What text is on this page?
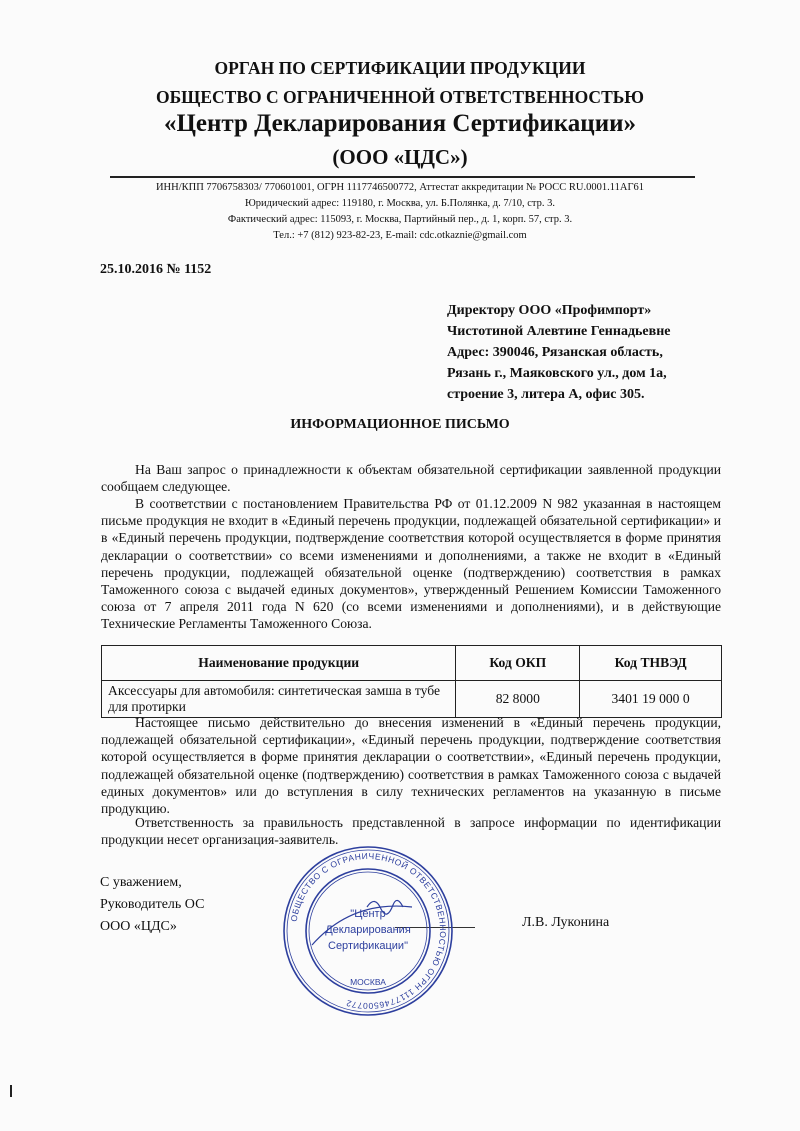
ОРГАН ПО СЕРТИФИКАЦИИ ПРОДУКЦИИ
ОБЩЕСТВО С ОГРАНИЧЕННОЙ ОТВЕТСТВЕННОСТЬЮ
«Центр Декларирования Сертификации»
(ООО «ЦДС»)
ИНН/КПП 7706758303/ 770601001, ОГРН 1117746500772, Аттестат аккредитации № РОСС RU.0001.11АГ61
Юридический адрес: 119180, г. Москва, ул. Б.Полянка, д. 7/10, стр. 3.
Фактический адрес: 115093, г. Москва, Партийный пер., д. 1, корп. 57, стр. 3.
Тел.: +7 (812) 923-82-23, E-mail: cdc.otkaznie@gmail.com
25.10.2016 № 1152
Директору ООО «Профимпорт»
Чистотиной Алевтине Геннадьевне
Адрес: 390046, Рязанская область,
Рязань г., Маяковского ул., дом 1а,
строение 3, литера А, офис 305.
ИНФОРМАЦИОННОЕ ПИСЬМО
На Ваш запрос о принадлежности к объектам обязательной сертификации заявленной продукции сообщаем следующее.
В соответствии с постановлением Правительства РФ от 01.12.2009 N 982 указанная в настоящем письме продукция не входит в «Единый перечень продукции, подлежащей обязательной сертификации» и в «Единый перечень продукции, подтверждение соответствия которой осуществляется в форме принятия декларации о соответствии» со всеми изменениями и дополнениями, а также не входит в «Единый перечень продукции, подлежащей обязательной оценке (подтверждению) соответствия в рамках Таможенного союза с выдачей единых документов», утвержденный Решением Комиссии Таможенного союза от 7 апреля 2011 года N 620 (со всеми изменениями и дополнениями), и в действующие Технические Регламенты Таможенного Союза.
Наименование продукции	Код ОКП	Код ТНВЭД
Аксессуары для автомобиля: синтетическая замша в тубе для протирки	82 8000	3401 19 000 0
Настоящее письмо действительно до внесения изменений в «Единый перечень продукции, подлежащей обязательной сертификации», «Единый перечень продукции, подтверждение соответствия которой осуществляется в форме принятия декларации о соответствии», «Единый перечень продукции, подлежащей обязательной оценке (подтверждению) соответствия в рамках Таможенного союза с выдачей единых документов» или до вступления в силу технических регламентов на указанную в письме продукцию.
Ответственность за правильность представленной в запросе информации по идентификации продукции несет организация-заявитель.
С уважением,
Руководитель ОС
ООО «ЦДС»	Л.В. Луконина
ОБЩЕСТВО С ОГРАНИЧЕННОЙ ОТВЕТСТВЕННОСТЬЮ ОГРН 1117746500772
"Центр
Декларирования
Сертификации"
МОСКВА
